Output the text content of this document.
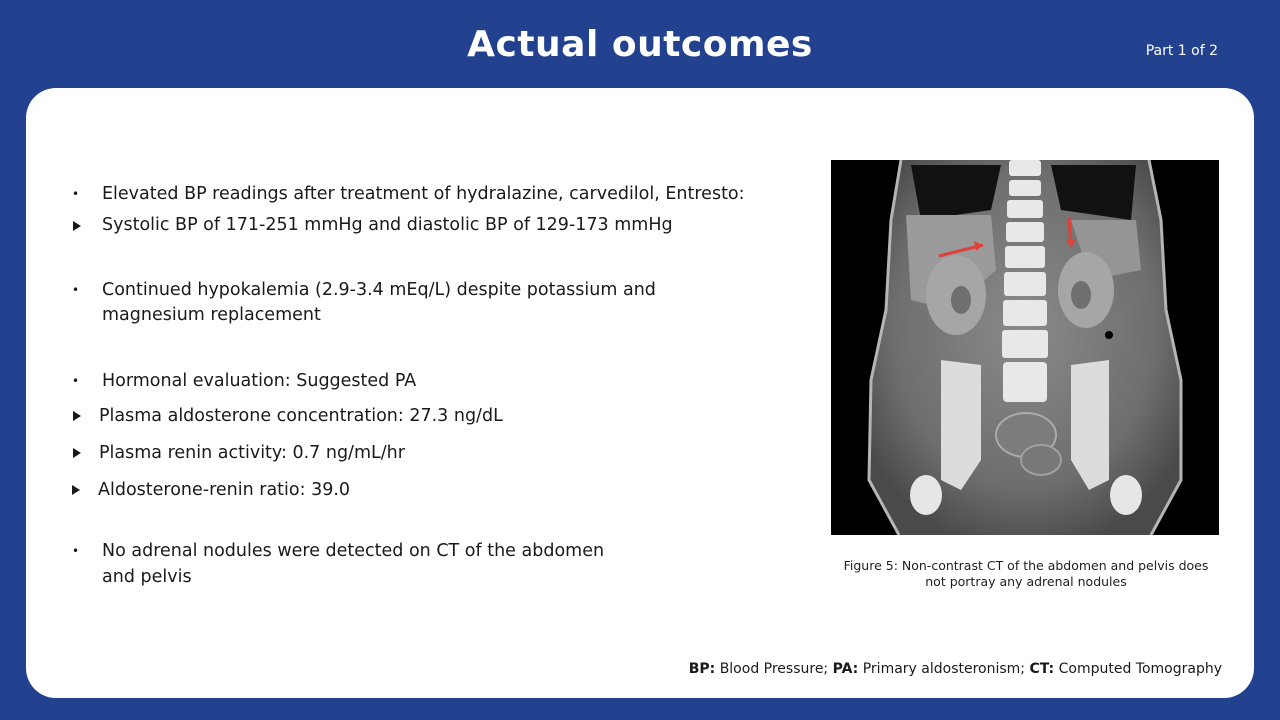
Actual outcomes	Part 1 of 2
• Elevated BP readings after treatment of hydralazine, carvedilol, Entresto:
Systolic BP of 171-251 mmHg and diastolic BP of 129-173 mmHg
• Continued hypokalemia (2.9-3.4 mEq/L) despite potassium and
magnesium replacement
• Hormonal evaluation: Suggested PA
Plasma aldosterone concentration: 27.3 ng/dL
Plasma renin activity: 0.7 ng/mL/hr
Aldosterone-renin ratio: 39.0
• No adrenal nodules were detected on CT of the abdomen
and pelvis
Figure 5: Non-contrast CT of the abdomen and pelvis does
not portray any adrenal nodules
BP: Blood Pressure; PA: Primary aldosteronism; CT: Computed Tomography
